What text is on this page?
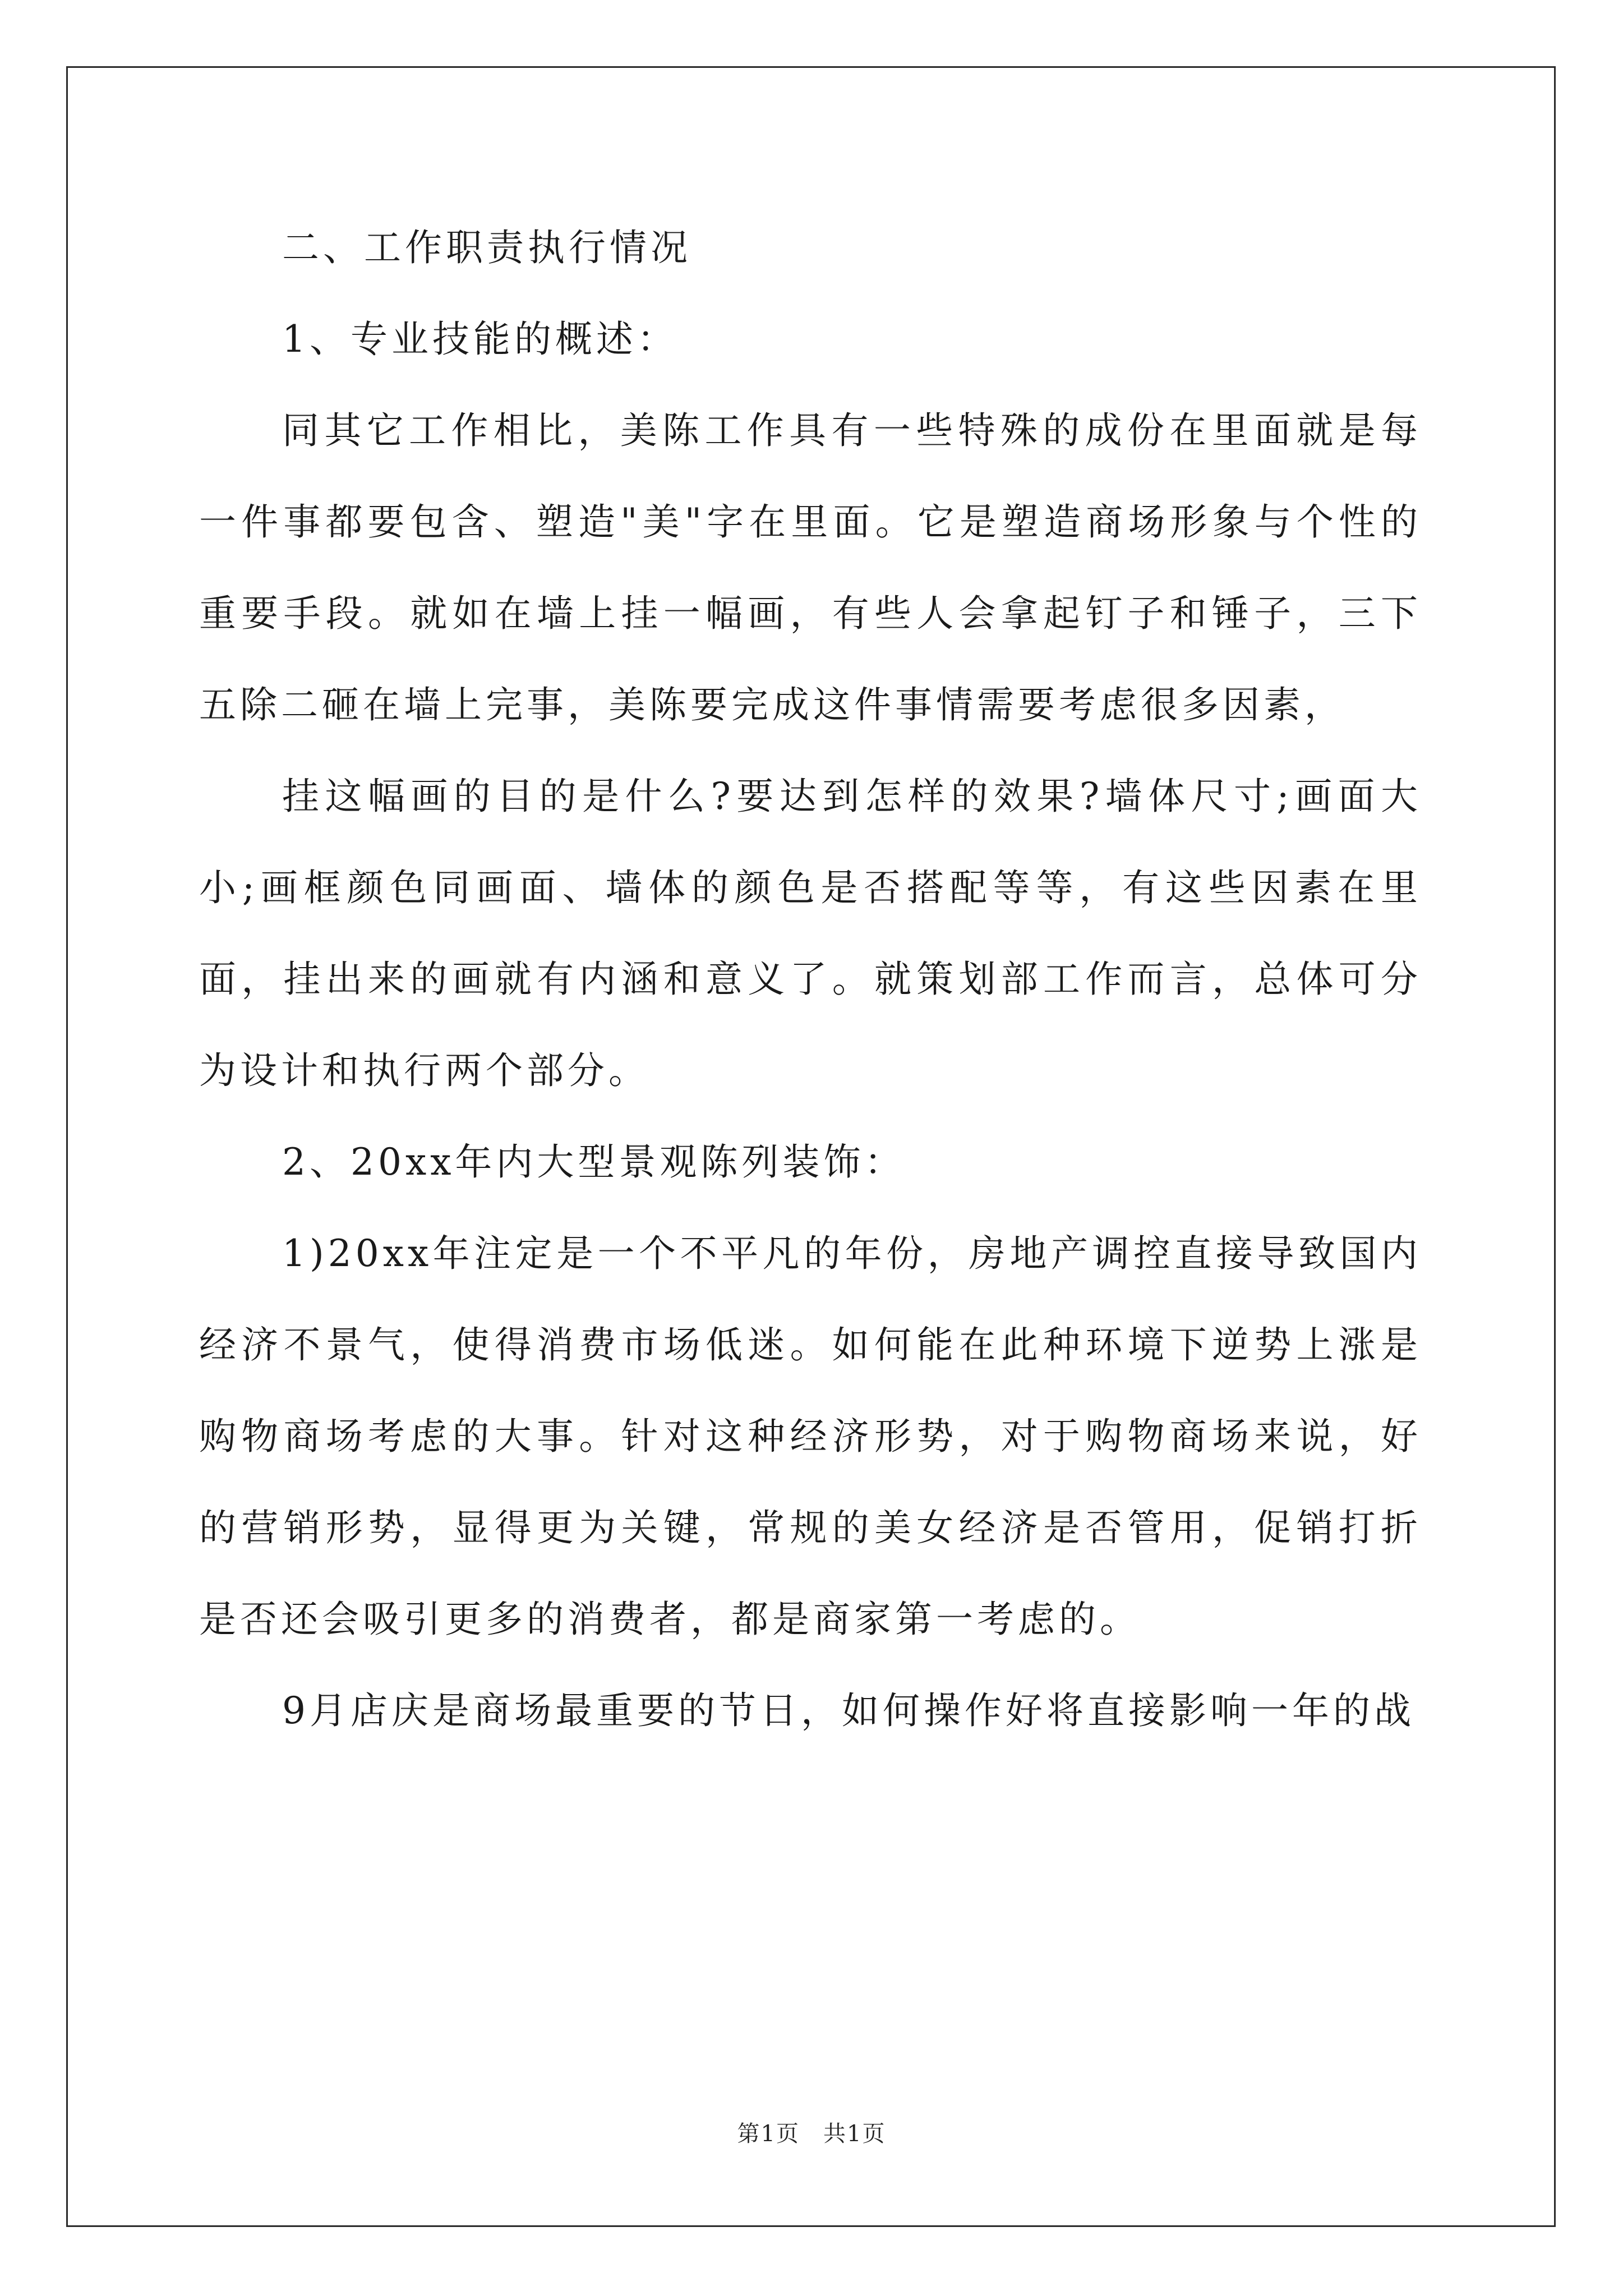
二、工作职责执行情况

1、专业技能的概述：

同其它工作相比，美陈工作具有一些特殊的成份在里面就是每一件事都要包含、塑造"美"字在里面。它是塑造商场形象与个性的重要手段。就如在墙上挂一幅画，有些人会拿起钉子和锤子，三下五除二砸在墙上完事，美陈要完成这件事情需要考虑很多因素，

挂这幅画的目的是什么?要达到怎样的效果?墙体尺寸;画面大小;画框颜色同画面、墙体的颜色是否搭配等等，有这些因素在里面，挂出来的画就有内涵和意义了。就策划部工作而言，总体可分为设计和执行两个部分。

2、20xx年内大型景观陈列装饰：

1)20xx年注定是一个不平凡的年份，房地产调控直接导致国内经济不景气，使得消费市场低迷。如何能在此种环境下逆势上涨是购物商场考虑的大事。针对这种经济形势，对于购物商场来说，好的营销形势，显得更为关键，常规的美女经济是否管用，促销打折是否还会吸引更多的消费者，都是商家第一考虑的。

9月店庆是商场最重要的节日，如何操作好将直接影响一年的战

第1页　共1页
